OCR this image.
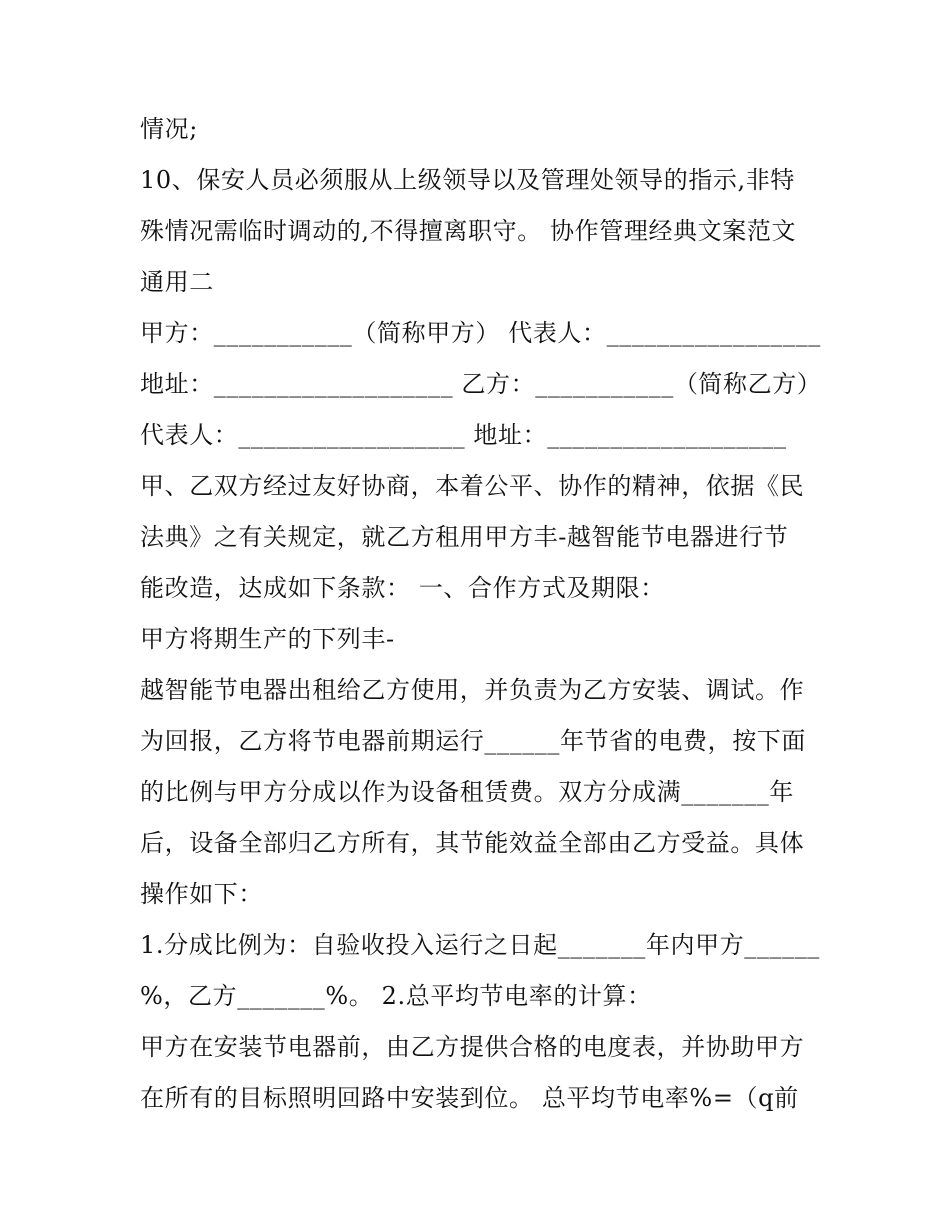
情况;
10、保安人员必须服从上级领导以及管理处领导的指示,非特
殊情况需临时调动的,不得擅离职守。 协作管理经典文案范文
通用二
甲方：___________（简称甲方） 代表人：_________________
地址：___________________ 乙方：___________（简称乙方）
代表人：__________________ 地址：___________________
甲、乙双方经过友好协商，本着公平、协作的精神，依据《民
法典》之有关规定，就乙方租用甲方丰-越智能节电器进行节
能改造，达成如下条款： 一、合作方式及期限：
甲方将期生产的下列丰-
越智能节电器出租给乙方使用，并负责为乙方安装、调试。作
为回报，乙方将节电器前期运行______年节省的电费，按下面
的比例与甲方分成以作为设备租赁费。双方分成满_______年
后，设备全部归乙方所有，其节能效益全部由乙方受益。具体
操作如下：
1.分成比例为：自验收投入运行之日起_______年内甲方______
%，乙方_______%。 2.总平均节电率的计算：
甲方在安装节电器前，由乙方提供合格的电度表，并协助甲方
在所有的目标照明回路中安装到位。 总平均节电率%=（q前
